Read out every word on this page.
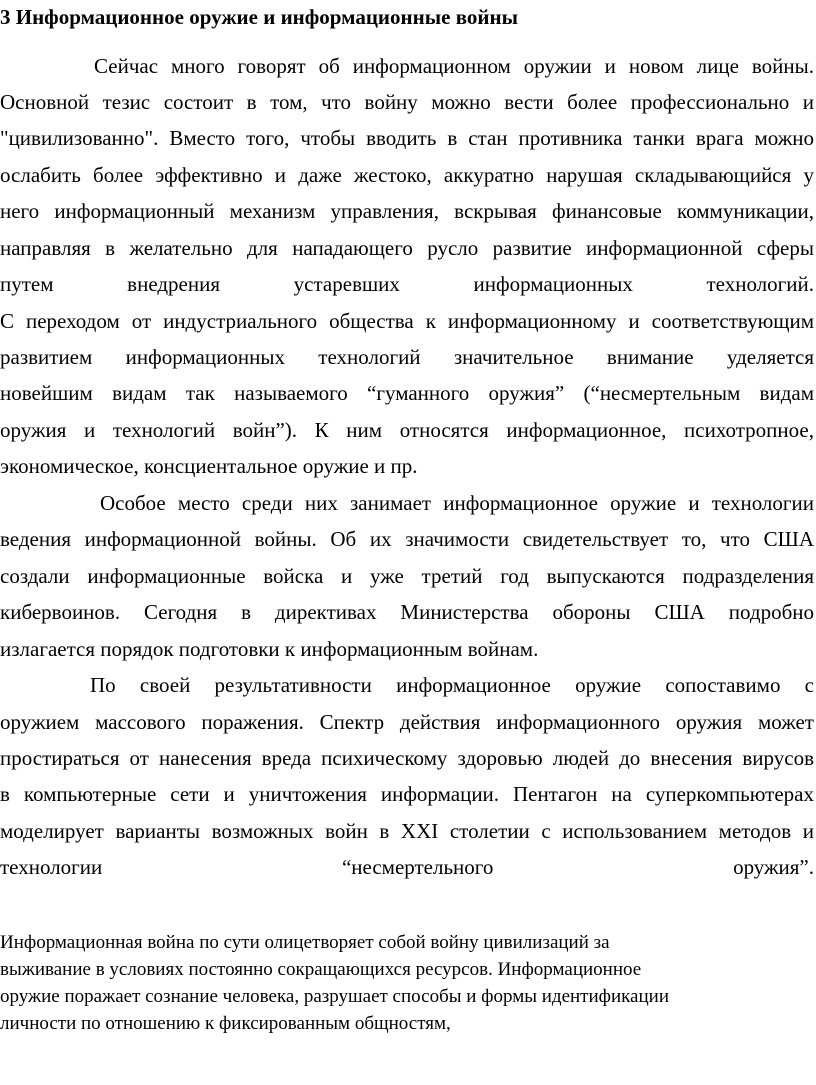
3 Информационное оружие и информационные войны
Сейчас много говорят об информационном оружии и новом лице войны.
Основной тезис состоит в том, что войну можно вести более профессионально и
"цивилизованно". Вместо того, чтобы вводить в стан противника танки врага можно
ослабить более эффективно и даже жестоко, аккуратно нарушая складывающийся у
него информационный механизм управления, вскрывая финансовые коммуникации,
направляя в желательно для нападающего русло развитие информационной сферы
путем внедрения устаревших информационных технологий.
С переходом от индустриального общества к информационному и соответствующим
развитием информационных технологий значительное внимание уделяется
новейшим видам так называемого “гуманного оружия” (“несмертельным видам
оружия и технологий войн”). К ним относятся информационное, психотропное,
экономическое, консциентальное оружие и пр.
Особое место среди них занимает информационное оружие и технологии
ведения информационной войны. Об их значимости свидетельствует то, что США
создали информационные войска и уже третий год выпускаются подразделения
кибервоинов. Сегодня в директивах Министерства обороны США подробно
излагается порядок подготовки к информационным войнам.
По своей результативности информационное оружие сопоставимо с
оружием массового поражения. Спектр действия информационного оружия может
простираться от нанесения вреда психическому здоровью людей до внесения вирусов
в компьютерные сети и уничтожения информации. Пентагон на суперкомпьютерах
моделирует варианты возможных войн в XXI столетии с использованием методов и
технологии “несмертельного оружия”.
Информационная война по сути олицетворяет собой войну цивилизаций за
выживание в условиях постоянно сокращающихся ресурсов. Информационное
оружие поражает сознание человека, разрушает способы и формы идентификации
личности по отношению к фиксированным общностям,
